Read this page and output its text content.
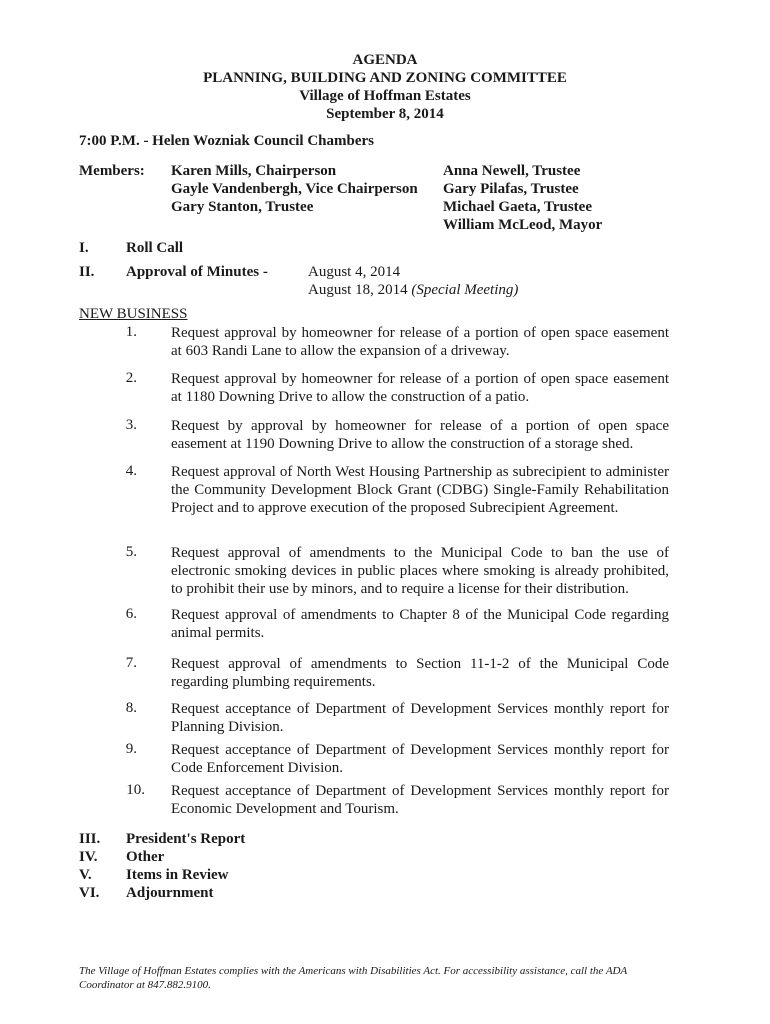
AGENDA
PLANNING, BUILDING AND ZONING COMMITTEE
Village of Hoffman Estates
September 8, 2014
7:00 P.M. - Helen Wozniak Council Chambers
Members: Karen Mills, Chairperson
Gayle Vandenbergh, Vice Chairperson
Gary Stanton, Trustee
Anna Newell, Trustee
Gary Pilafas, Trustee
Michael Gaeta, Trustee
William McLeod, Mayor
I. Roll Call
II. Approval of Minutes -	August 4, 2014
August 18, 2014 (Special Meeting)
NEW BUSINESS
1. Request approval by homeowner for release of a portion of open space easement at 603 Randi Lane to allow the expansion of a driveway.
2. Request approval by homeowner for release of a portion of open space easement at 1180 Downing Drive to allow the construction of a patio.
3. Request by approval by homeowner for release of a portion of open space easement at 1190 Downing Drive to allow the construction of a storage shed.
4. Request approval of North West Housing Partnership as subrecipient to administer the Community Development Block Grant (CDBG) Single-Family Rehabilitation Project and to approve execution of the proposed Subrecipient Agreement.
5. Request approval of amendments to the Municipal Code to ban the use of electronic smoking devices in public places where smoking is already prohibited, to prohibit their use by minors, and to require a license for their distribution.
6. Request approval of amendments to Chapter 8 of the Municipal Code regarding animal permits.
7. Request approval of amendments to Section 11-1-2 of the Municipal Code regarding plumbing requirements.
8. Request acceptance of Department of Development Services monthly report for Planning Division.
9. Request acceptance of Department of Development Services monthly report for Code Enforcement Division.
10. Request acceptance of Department of Development Services monthly report for Economic Development and Tourism.
III. President's Report
IV. Other
V. Items in Review
VI. Adjournment
The Village of Hoffman Estates complies with the Americans with Disabilities Act. For accessibility assistance, call the ADA Coordinator at 847.882.9100.
